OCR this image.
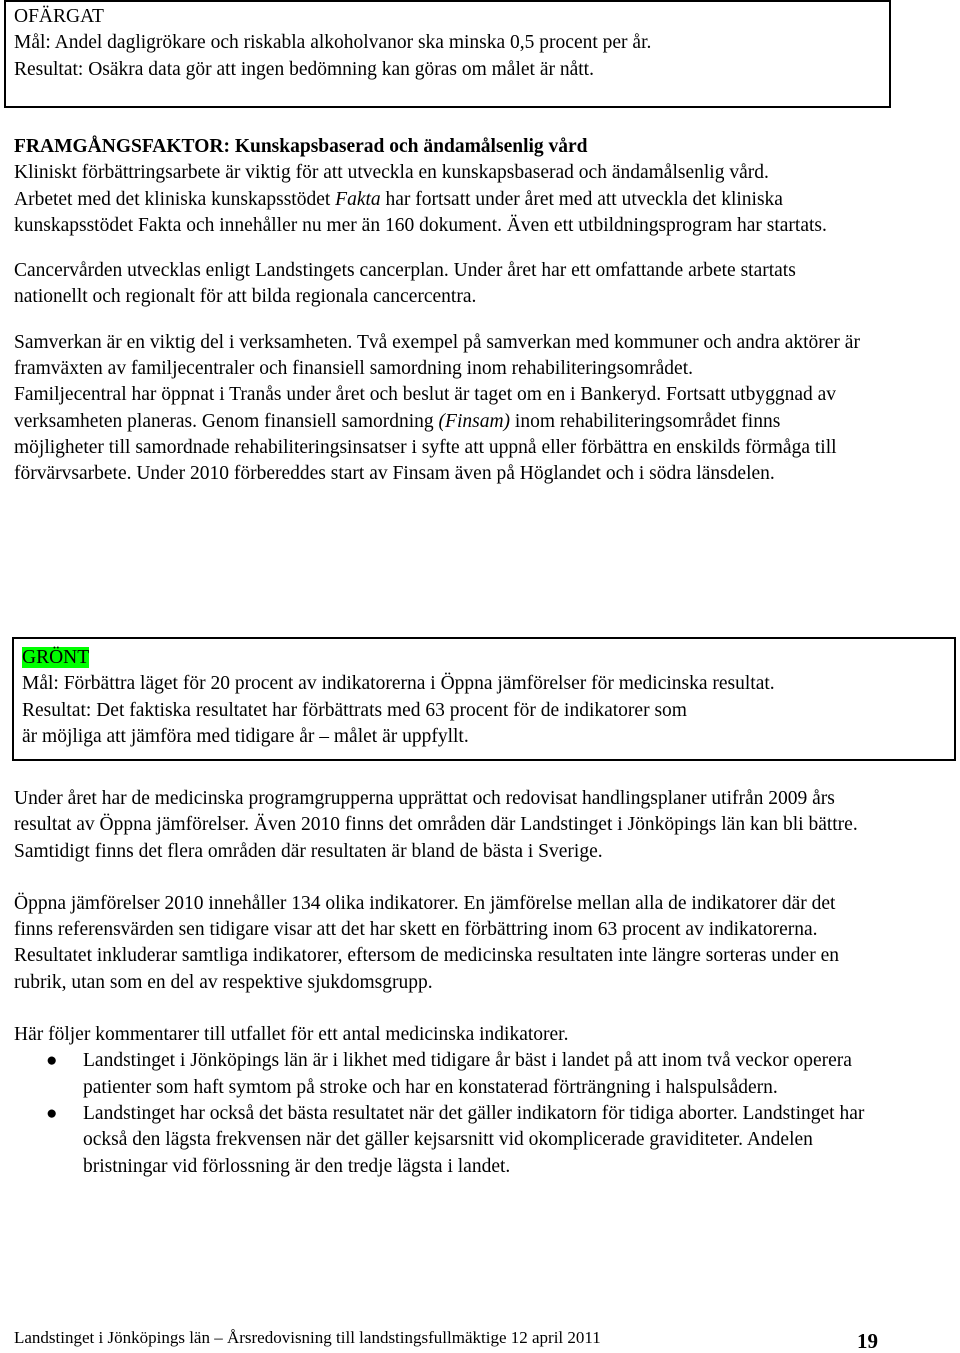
OFÄRGAT

Mål: Andel dagligrökare och riskabla alkoholvanor ska minska 0,5 procent per år.

Resultat: Osäkra data gör att ingen bedömning kan göras om målet är nått.

FRAMGÅNGSFAKTOR: Kunskapsbaserad och ändamålsenlig vård

Kliniskt förbättringsarbete är viktig för att utveckla en kunskapsbaserad och ändamålsenlig vård.

Arbetet med det kliniska kunskapsstödet Fakta har fortsatt under året med att utveckla det kliniska kunskapsstödet Fakta och innehåller nu mer än 160 dokument. Även ett utbildningsprogram har startats.

Cancervården utvecklas enligt Landstingets cancerplan. Under året har ett omfattande arbete startats nationellt och regionalt för att bilda regionala cancercentra.

Samverkan är en viktig del i verksamheten. Två exempel på samverkan med kommuner och andra aktörer är framväxten av familjecentraler och finansiell samordning inom rehabiliteringsområdet.

Familjecentral har öppnat i Tranås under året och beslut är taget om en i Bankeryd. Fortsatt utbyggnad av verksamheten planeras. Genom finansiell samordning (Finsam) inom rehabiliteringsområdet finns möjligheter till samordnade rehabiliteringsinsatser i syfte att uppnå eller förbättra en enskilds förmåga till förvärvsarbete. Under 2010 förbereddes start av Finsam även på Höglandet och i södra länsdelen.

GRÖNT

Mål: Förbättra läget för 20 procent av indikatorerna i Öppna jämförelser för medicinska resultat.

Resultat: Det faktiska resultatet har förbättrats med 63 procent för de indikatorer som

är möjliga att jämföra med tidigare år – målet är uppfyllt.

Under året har de medicinska programgrupperna upprättat och redovisat handlingsplaner utifrån 2009 års resultat av Öppna jämförelser. Även 2010 finns det områden där Landstinget i Jönköpings län kan bli bättre. Samtidigt finns det flera områden där resultaten är bland de bästa i Sverige.

Öppna jämförelser 2010 innehåller 134 olika indikatorer. En jämförelse mellan alla de indikatorer där det finns referensvärden sen tidigare visar att det har skett en förbättring inom 63 procent av indikatorerna. Resultatet inkluderar samtliga indikatorer, eftersom de medicinska resultaten inte längre sorteras under en rubrik, utan som en del av respektive sjukdomsgrupp.

Här följer kommentarer till utfallet för ett antal medicinska indikatorer.

● Landstinget i Jönköpings län är i likhet med tidigare år bäst i landet på att inom två veckor operera patienter som haft symtom på stroke och har en konstaterad förträngning i halspulsådern.
● Landstinget har också det bästa resultatet när det gäller indikatorn för tidiga aborter. Landstinget har också den lägsta frekvensen när det gäller kejsarsnitt vid okomplicerade graviditeter. Andelen bristningar vid förlossning är den tredje lägsta i landet.
Landstinget i Jönköpings län – Årsredovisning till landstingsfullmäktige 12 april 2011	19
